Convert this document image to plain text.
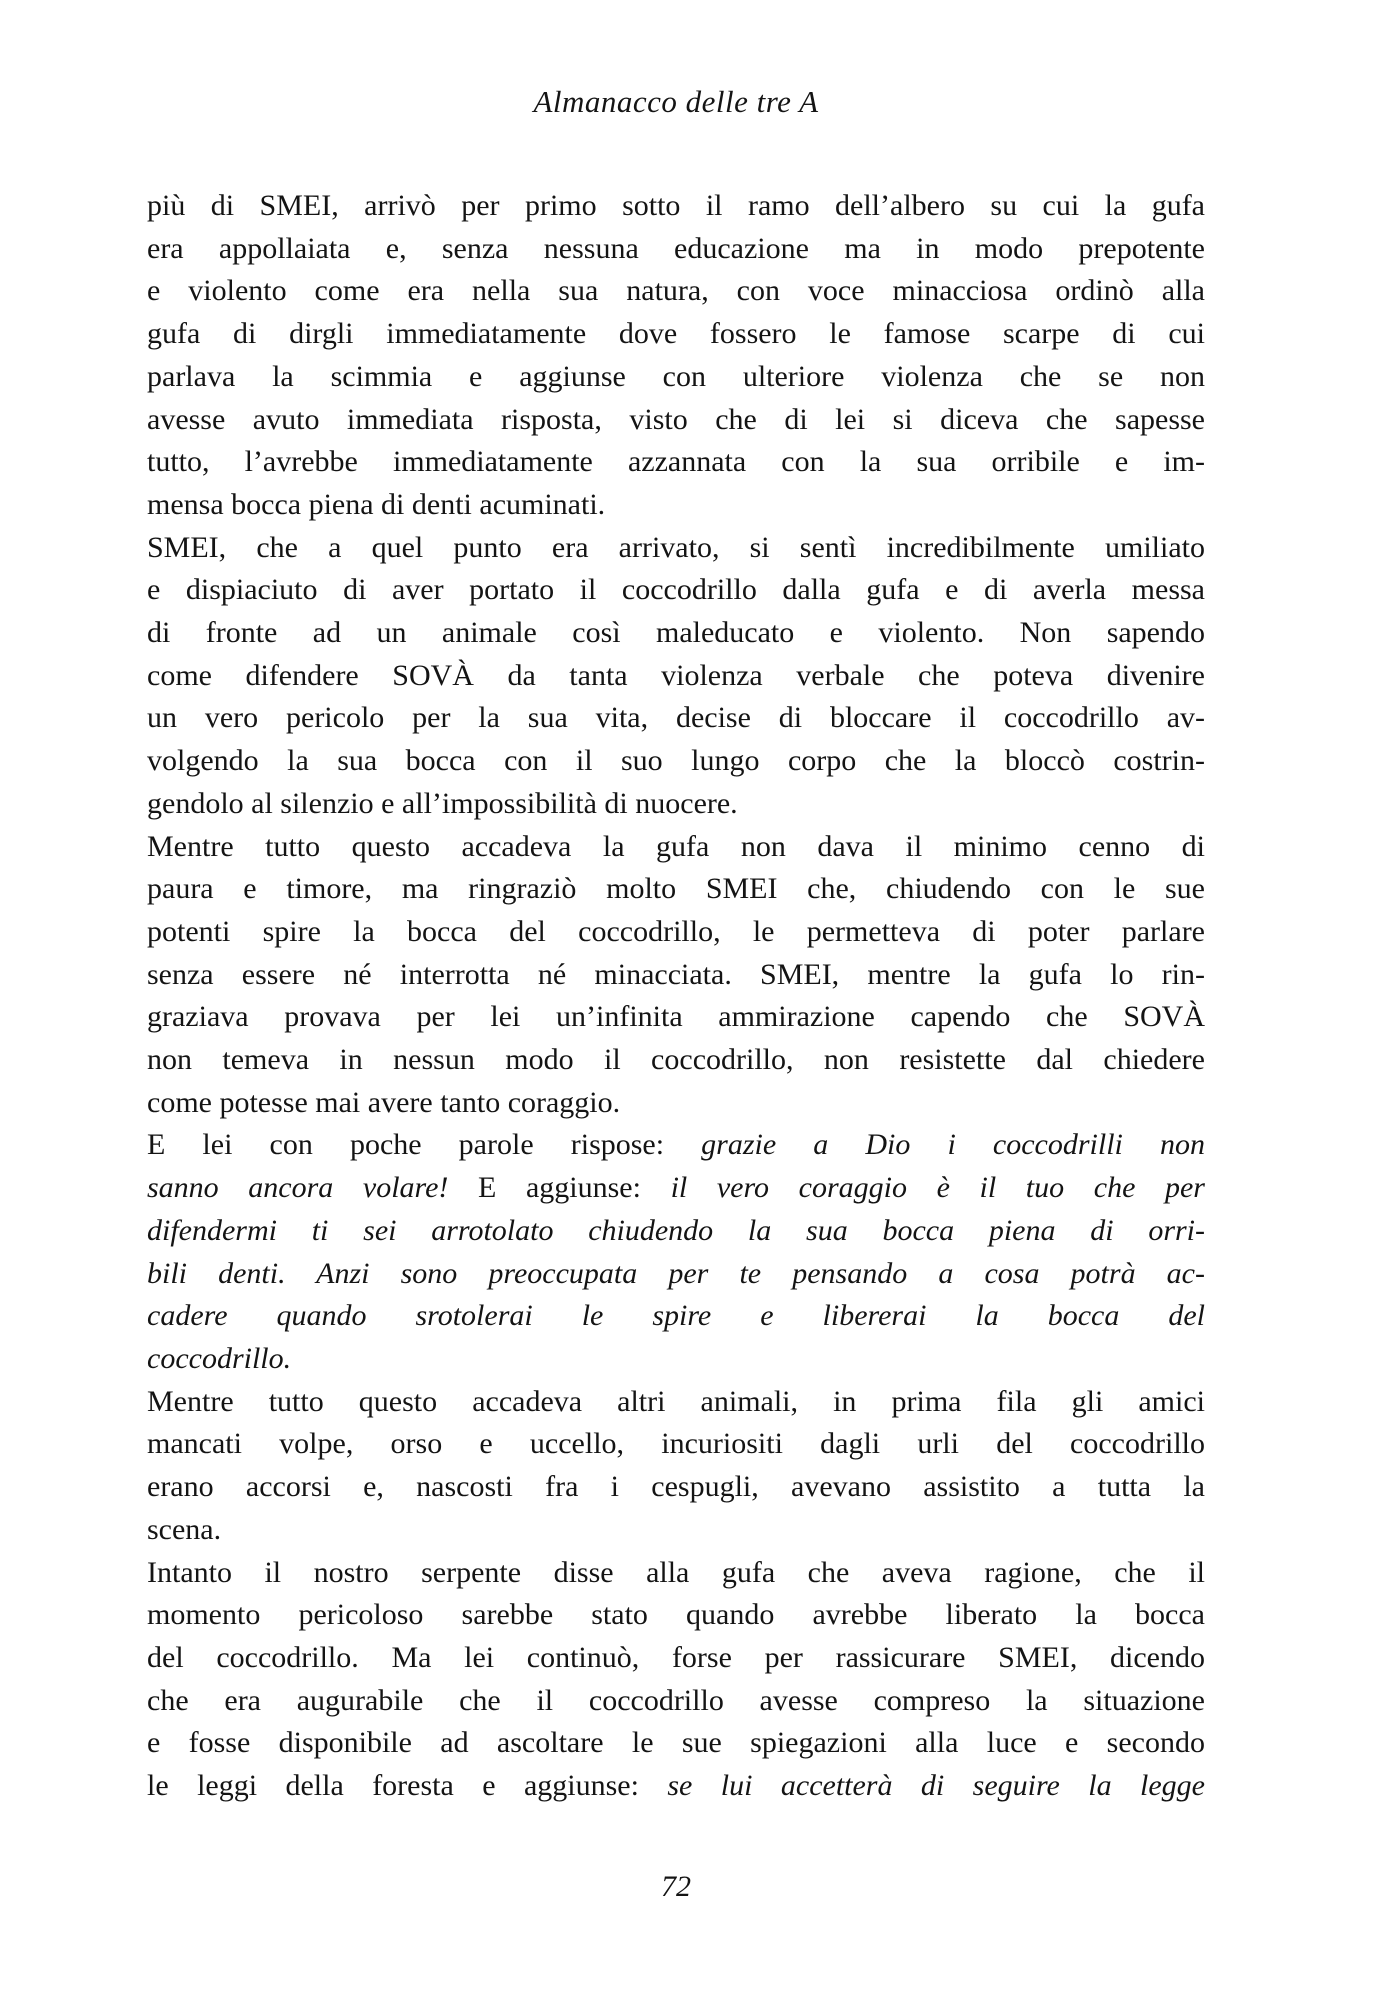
Almanacco delle tre A
più di SMEI, arrivò per primo sotto il ramo dell’albero su cui la gufa
era appollaiata e, senza nessuna educazione ma in modo prepotente
e violento come era nella sua natura, con voce minacciosa ordinò alla
gufa di dirgli immediatamente dove fossero le famose scarpe di cui
parlava la scimmia e aggiunse con ulteriore violenza che se non
avesse avuto immediata risposta, visto che di lei si diceva che sapesse
tutto, l’avrebbe immediatamente azzannata con la sua orribile e im-
mensa bocca piena di denti acuminati.
SMEI, che a quel punto era arrivato, si sentì incredibilmente umiliato
e dispiaciuto di aver portato il coccodrillo dalla gufa e di averla messa
di fronte ad un animale così maleducato e violento. Non sapendo
come difendere SOVÀ da tanta violenza verbale che poteva divenire
un vero pericolo per la sua vita, decise di bloccare il coccodrillo av-
volgendo la sua bocca con il suo lungo corpo che la bloccò costrin-
gendolo al silenzio e all’impossibilità di nuocere.
Mentre tutto questo accadeva la gufa non dava il minimo cenno di
paura e timore, ma ringraziò molto SMEI che, chiudendo con le sue
potenti spire la bocca del coccodrillo, le permetteva di poter parlare
senza essere né interrotta né minacciata. SMEI, mentre la gufa lo rin-
graziava provava per lei un’infinita ammirazione capendo che SOVÀ
non temeva in nessun modo il coccodrillo, non resistette dal chiedere
come potesse mai avere tanto coraggio.
E lei con poche parole rispose: grazie a Dio i coccodrilli non
sanno ancora volare! E aggiunse: il vero coraggio è il tuo che per
difendermi ti sei arrotolato chiudendo la sua bocca piena di orri-
bili denti. Anzi sono preoccupata per te pensando a cosa potrà ac-
cadere quando srotolerai le spire e libererai la bocca del
coccodrillo.
Mentre tutto questo accadeva altri animali, in prima fila gli amici
mancati volpe, orso e uccello, incuriositi dagli urli del coccodrillo
erano accorsi e, nascosti fra i cespugli, avevano assistito a tutta la
scena.
Intanto il nostro serpente disse alla gufa che aveva ragione, che il
momento pericoloso sarebbe stato quando avrebbe liberato la bocca
del coccodrillo. Ma lei continuò, forse per rassicurare SMEI, dicendo
che era augurabile che il coccodrillo avesse compreso la situazione
e fosse disponibile ad ascoltare le sue spiegazioni alla luce e secondo
le leggi della foresta e aggiunse: se lui accetterà di seguire la legge
72
